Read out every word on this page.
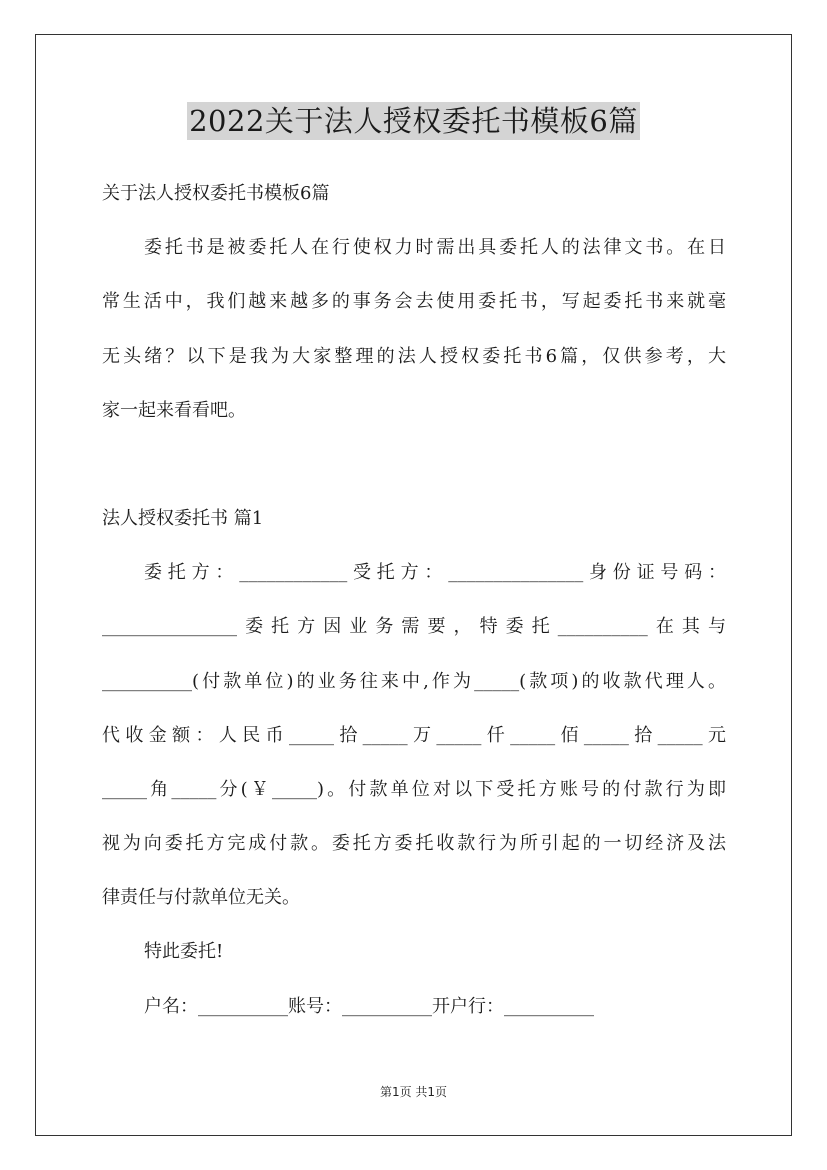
2022关于法人授权委托书模板6篇
关于法人授权委托书模板6篇
委托书是被委托人在行使权力时需出具委托人的法律文书。在日
常生活中，我们越来越多的事务会去使用委托书，写起委托书来就毫
无头绪？以下是我为大家整理的法人授权委托书6篇，仅供参考，大
家一起来看看吧。
法人授权委托书 篇1
委托方：____________受托方：_______________身份证号码：
_______________委托方因业务需要，特委托__________在其与
__________(付款单位)的业务往来中,作为_____(款项)的收款代理人。
代收金额：人民币_____拾_____万_____仟_____佰_____拾_____元
_____角_____分(￥_____)。付款单位对以下受托方账号的付款行为即
视为向委托方完成付款。委托方委托收款行为所引起的一切经济及法
律责任与付款单位无关。
特此委托!
户名：__________账号：__________开户行：__________
第1页 共1页
